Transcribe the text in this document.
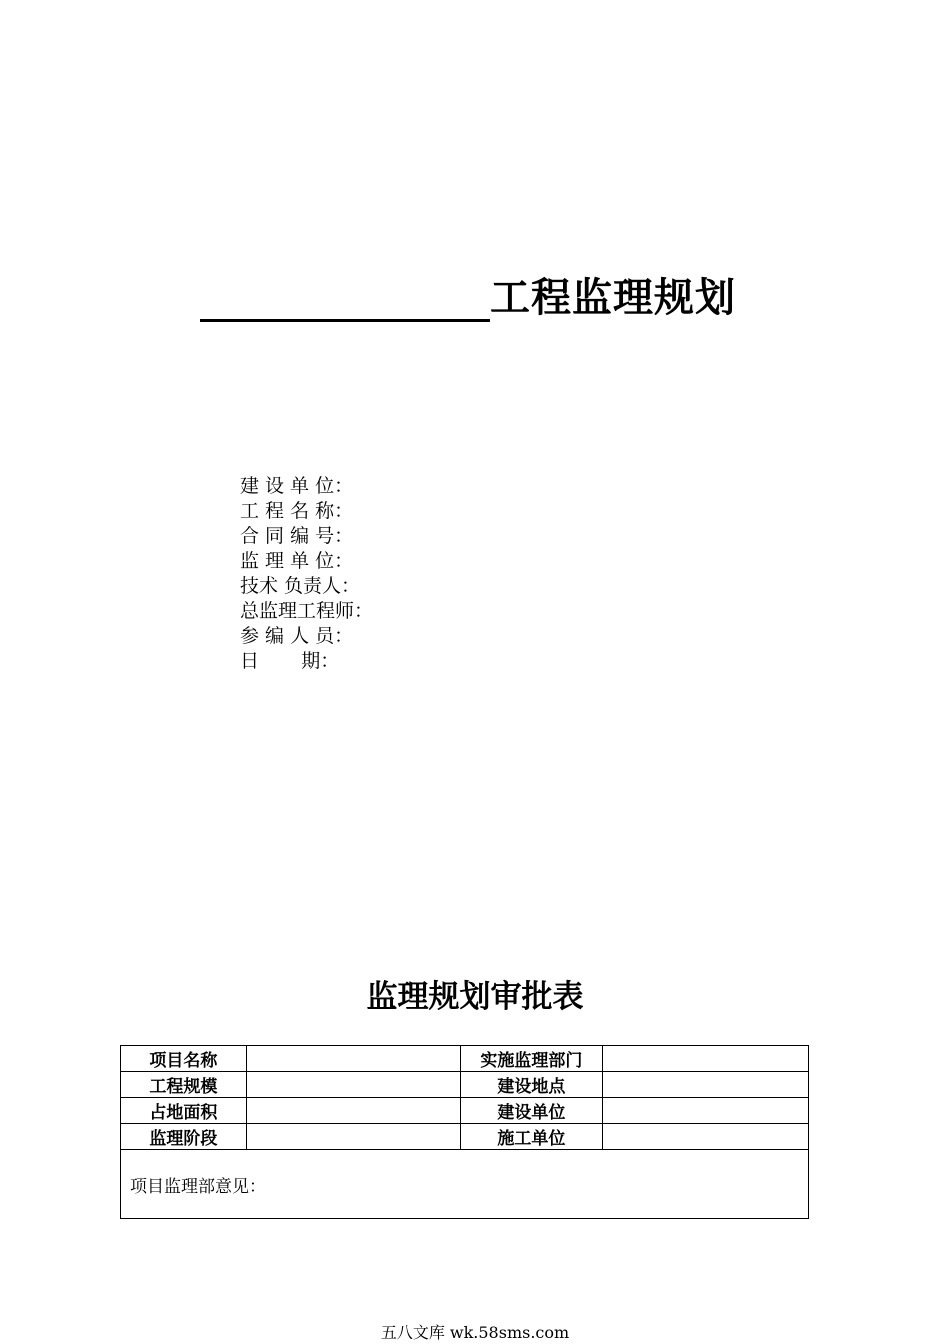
工程监理规划
建 设 单 位：
工 程 名 称：
合 同 编 号：
监 理 单 位：
技术 负责人：
总监理工程师：
参 编 人 员：
日       期：
监理规划审批表
项目名称		实施监理部门	
工程规模		建设地点	
占地面积		建设单位	
监理阶段		施工单位	
项目监理部意见：			
五八文库 wk.58sms.com
